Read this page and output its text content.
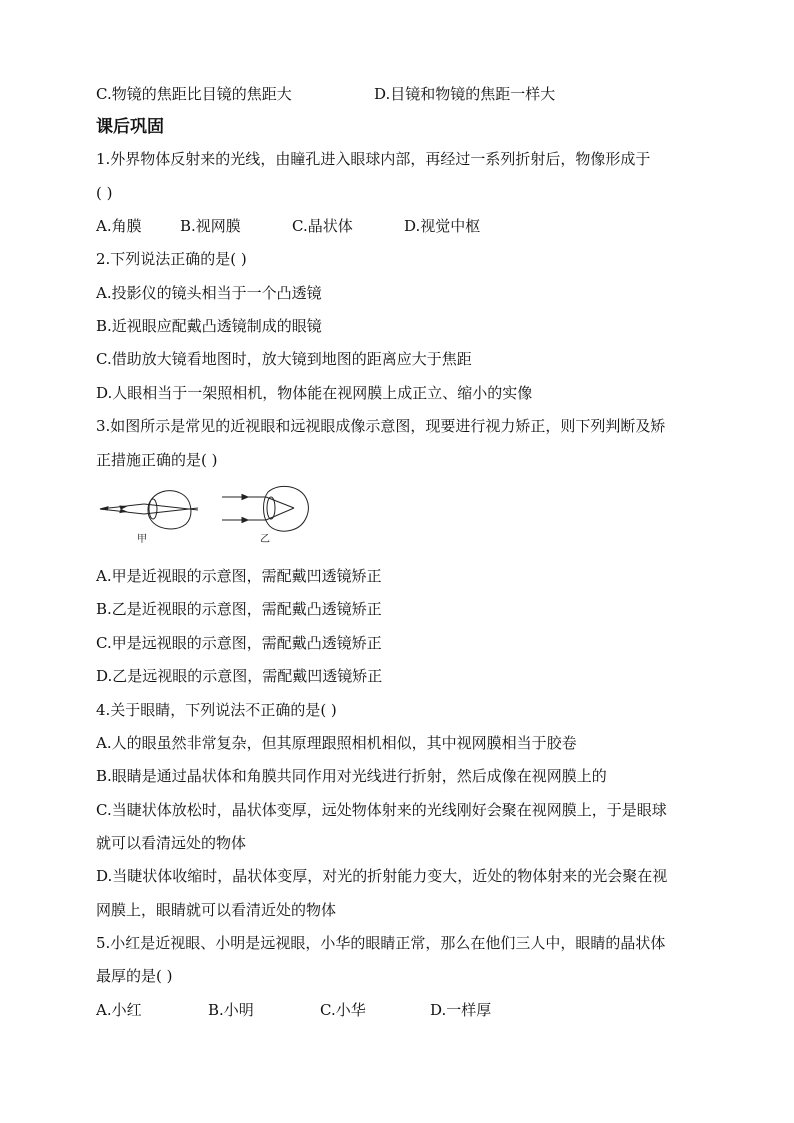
C.物镜的焦距比目镜的焦距大	D.目镜和物镜的焦距一样大
课后巩固
1.外界物体反射来的光线，由瞳孔进入眼球内部，再经过一系列折射后，物像形成于
( )
A.角膜	B.视网膜	C.晶状体	D.视觉中枢
2.下列说法正确的是( )
A.投影仪的镜头相当于一个凸透镜
B.近视眼应配戴凸透镜制成的眼镜
C.借助放大镜看地图时，放大镜到地图的距离应大于焦距
D.人眼相当于一架照相机，物体能在视网膜上成正立、缩小的实像
3.如图所示是常见的近视眼和远视眼成像示意图，现要进行视力矫正，则下列判断及矫
正措施正确的是( )
甲	乙
A.甲是近视眼的示意图，需配戴凹透镜矫正
B.乙是近视眼的示意图，需配戴凸透镜矫正
C.甲是远视眼的示意图，需配戴凸透镜矫正
D.乙是远视眼的示意图，需配戴凹透镜矫正
4.关于眼睛，下列说法不正确的是( )
A.人的眼虽然非常复杂，但其原理跟照相机相似，其中视网膜相当于胶卷
B.眼睛是通过晶状体和角膜共同作用对光线进行折射，然后成像在视网膜上的
C.当睫状体放松时，晶状体变厚，远处物体射来的光线刚好会聚在视网膜上，于是眼球
就可以看清远处的物体
D.当睫状体收缩时，晶状体变厚，对光的折射能力变大，近处的物体射来的光会聚在视
网膜上，眼睛就可以看清近处的物体
5.小红是近视眼、小明是远视眼，小华的眼睛正常，那么在他们三人中，眼睛的晶状体
最厚的是( )
A.小红	B.小明	C.小华	D.一样厚
